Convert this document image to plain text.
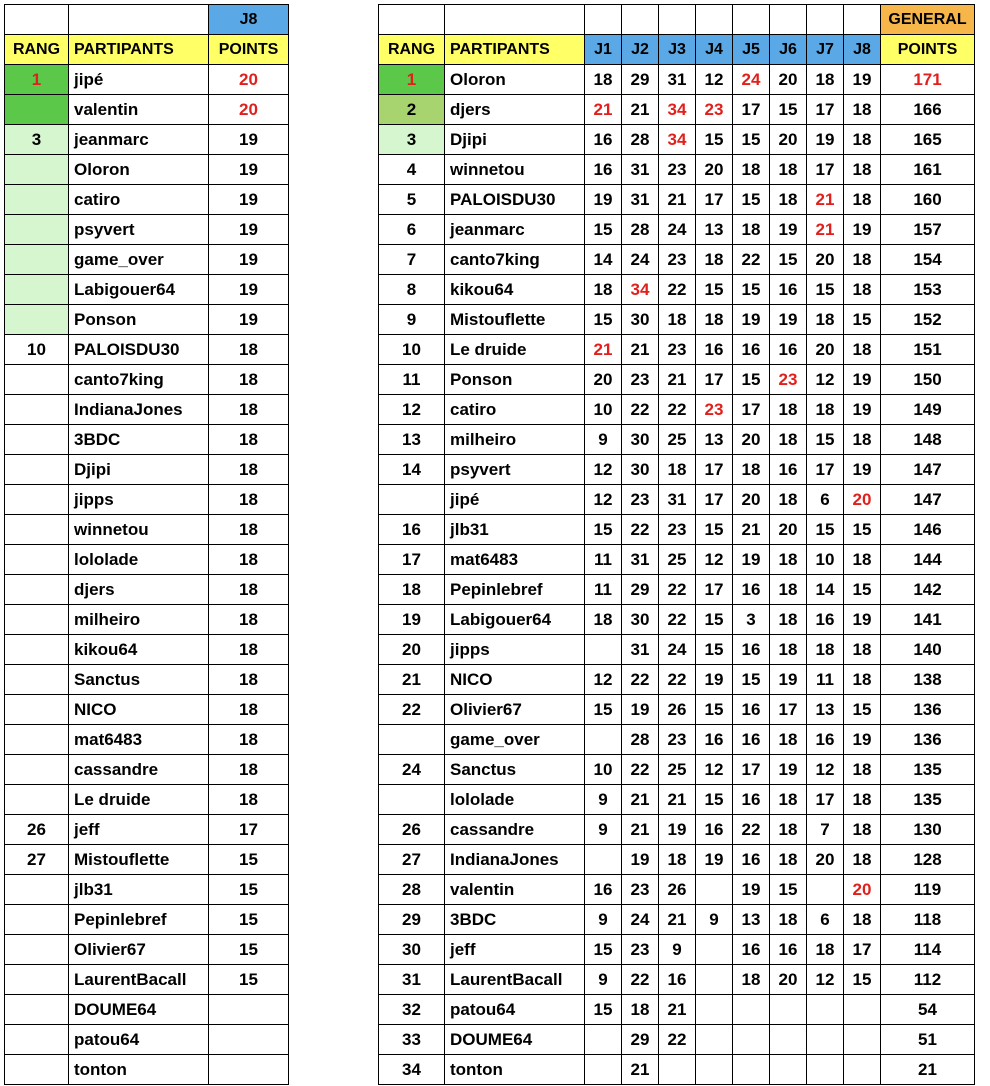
		J8
RANG	PARTIPANTS	POINTS
1	jipé	20
	valentin	20
3	jeanmarc	19
	Oloron	19
	catiro	19
	psyvert	19
	game_over	19
	Labigouer64	19
	Ponson	19
10	PALOISDU30	18
	canto7king	18
	IndianaJones	18
	3BDC	18
	Djipi	18
	jipps	18
	winnetou	18
	lololade	18
	djers	18
	milheiro	18
	kikou64	18
	Sanctus	18
	NICO	18
	mat6483	18
	cassandre	18
	Le druide	18
26	jeff	17
27	Mistouflette	15
	jlb31	15
	Pepinlebref	15
	Olivier67	15
	LaurentBacall	15
	DOUME64	
	patou64	
	tonton	
										GENERAL
RANG	PARTIPANTS	J1	J2	J3	J4	J5	J6	J7	J8	POINTS
1	Oloron	18	29	31	12	24	20	18	19	171
2	djers	21	21	34	23	17	15	17	18	166
3	Djipi	16	28	34	15	15	20	19	18	165
4	winnetou	16	31	23	20	18	18	17	18	161
5	PALOISDU30	19	31	21	17	15	18	21	18	160
6	jeanmarc	15	28	24	13	18	19	21	19	157
7	canto7king	14	24	23	18	22	15	20	18	154
8	kikou64	18	34	22	15	15	16	15	18	153
9	Mistouflette	15	30	18	18	19	19	18	15	152
10	Le druide	21	21	23	16	16	16	20	18	151
11	Ponson	20	23	21	17	15	23	12	19	150
12	catiro	10	22	22	23	17	18	18	19	149
13	milheiro	9	30	25	13	20	18	15	18	148
14	psyvert	12	30	18	17	18	16	17	19	147
	jipé	12	23	31	17	20	18	6	20	147
16	jlb31	15	22	23	15	21	20	15	15	146
17	mat6483	11	31	25	12	19	18	10	18	144
18	Pepinlebref	11	29	22	17	16	18	14	15	142
19	Labigouer64	18	30	22	15	3	18	16	19	141
20	jipps		31	24	15	16	18	18	18	140
21	NICO	12	22	22	19	15	19	11	18	138
22	Olivier67	15	19	26	15	16	17	13	15	136
	game_over		28	23	16	16	18	16	19	136
24	Sanctus	10	22	25	12	17	19	12	18	135
	lololade	9	21	21	15	16	18	17	18	135
26	cassandre	9	21	19	16	22	18	7	18	130
27	IndianaJones		19	18	19	16	18	20	18	128
28	valentin	16	23	26		19	15		20	119
29	3BDC	9	24	21	9	13	18	6	18	118
30	jeff	15	23	9		16	16	18	17	114
31	LaurentBacall	9	22	16		18	20	12	15	112
32	patou64	15	18	21						54
33	DOUME64		29	22						51
34	tonton		21							21
